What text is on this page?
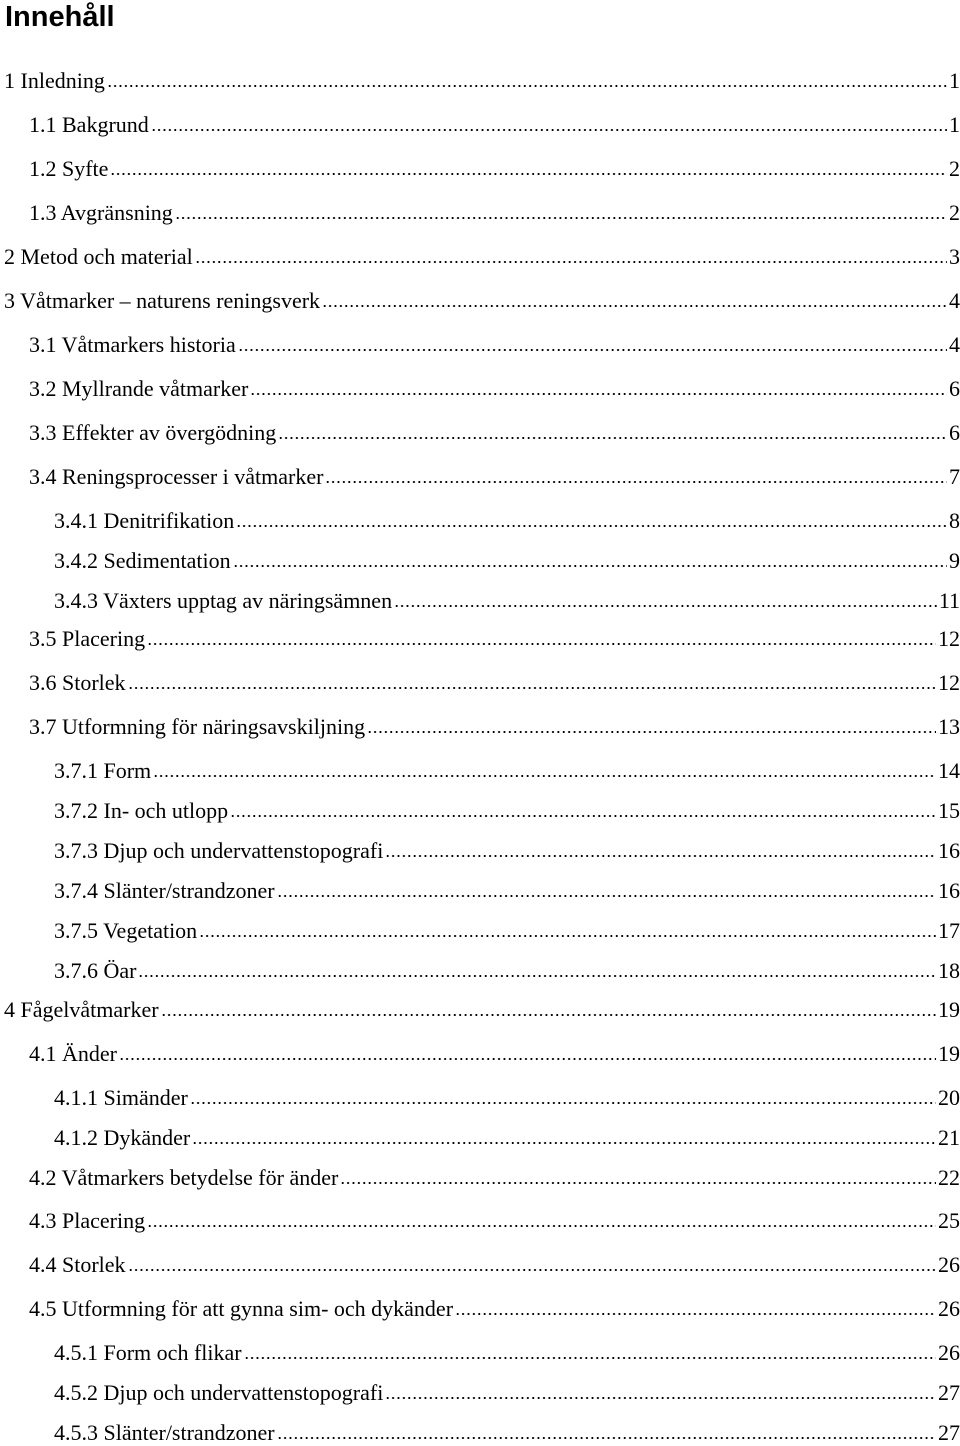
Innehåll
1 Inledning	1
1.1 Bakgrund	1
1.2 Syfte	2
1.3 Avgränsning	2
2 Metod och material	3
3 Våtmarker – naturens reningsverk	4
3.1 Våtmarkers historia	4
3.2 Myllrande våtmarker	6
3.3 Effekter av övergödning	6
3.4 Reningsprocesser i våtmarker	7
3.4.1 Denitrifikation	8
3.4.2 Sedimentation	9
3.4.3 Växters upptag av näringsämnen	11
3.5 Placering	12
3.6 Storlek	12
3.7 Utformning för näringsavskiljning	13
3.7.1 Form	14
3.7.2 In- och utlopp	15
3.7.3 Djup och undervattenstopografi	16
3.7.4 Slänter/strandzoner	16
3.7.5 Vegetation	17
3.7.6 Öar	18
4 Fågelvåtmarker	19
4.1 Änder	19
4.1.1 Simänder	20
4.1.2 Dykänder	21
4.2 Våtmarkers betydelse för änder	22
4.3 Placering	25
4.4 Storlek	26
4.5 Utformning för att gynna sim- och dykänder	26
4.5.1 Form och flikar	26
4.5.2 Djup och undervattenstopografi	27
4.5.3 Slänter/strandzoner	27
